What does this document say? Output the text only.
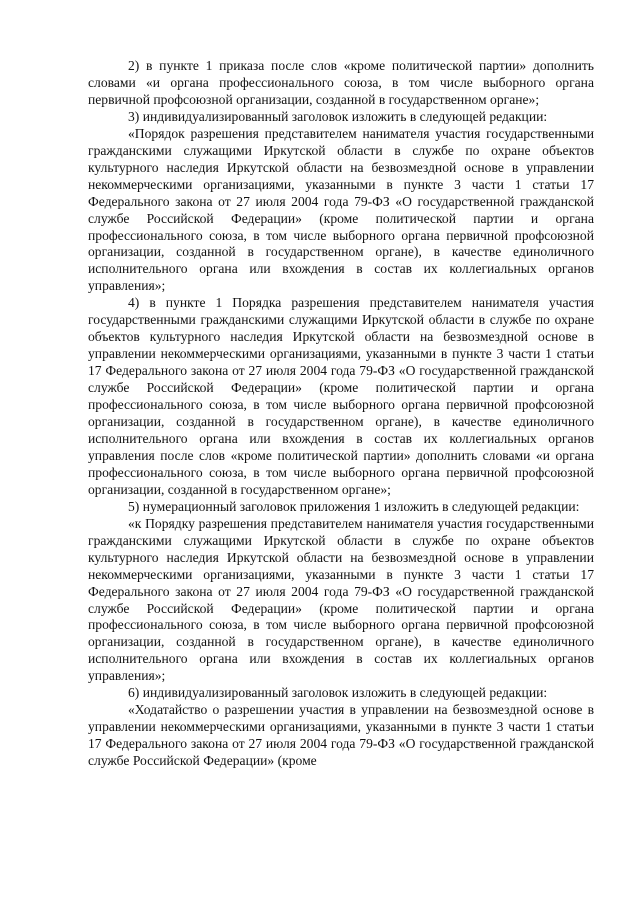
2) в пункте 1 приказа после слов «кроме политической партии» дополнить словами «и органа профессионального союза, в том числе выборного органа первичной профсоюзной организации, созданной в государственном органе»;

3) индивидуализированный заголовок изложить в следующей редакции:

«Порядок разрешения представителем нанимателя участия государственными гражданскими служащими Иркутской области в службе по охране объектов культурного наследия Иркутской области на безвозмездной основе в управлении некоммерческими организациями, указанными в пункте 3 части 1 статьи 17 Федерального закона от 27 июля 2004 года 79-ФЗ «О государственной гражданской службе Российской Федерации» (кроме политической партии и органа профессионального союза, в том числе выборного органа первичной профсоюзной организации, созданной в государственном органе), в качестве единоличного исполнительного органа или вхождения в состав их коллегиальных органов управления»;

4) в пункте 1 Порядка разрешения представителем нанимателя участия государственными гражданскими служащими Иркутской области в службе по охране объектов культурного наследия Иркутской области на безвозмездной основе в управлении некоммерческими организациями, указанными в пункте 3 части 1 статьи 17 Федерального закона от 27 июля 2004 года 79-ФЗ «О государственной гражданской службе Российской Федерации» (кроме политической партии и органа профессионального союза, в том числе выборного органа первичной профсоюзной организации, созданной в государственном органе), в качестве единоличного исполнительного органа или вхождения в состав их коллегиальных органов управления после слов «кроме политической партии» дополнить словами «и органа профессионального союза, в том числе выборного органа первичной профсоюзной организации, созданной в государственном органе»;

5) нумерационный заголовок приложения 1 изложить в следующей редакции:

«к Порядку разрешения представителем нанимателя участия государственными гражданскими служащими Иркутской области в службе по охране объектов культурного наследия Иркутской области на безвозмездной основе в управлении некоммерческими организациями, указанными в пункте 3 части 1 статьи 17 Федерального закона от 27 июля 2004 года 79-ФЗ «О государственной гражданской службе Российской Федерации» (кроме политической партии и органа профессионального союза, в том числе выборного органа первичной профсоюзной организации, созданной в государственном органе), в качестве единоличного исполнительного органа или вхождения в состав их коллегиальных органов управления»;

6) индивидуализированный заголовок изложить в следующей редакции:

«Ходатайство о разрешении участия в управлении на безвозмездной основе в управлении некоммерческими организациями, указанными в пункте 3 части 1 статьи 17 Федерального закона от 27 июля 2004 года 79-ФЗ «О государственной гражданской службе Российской Федерации» (кроме
